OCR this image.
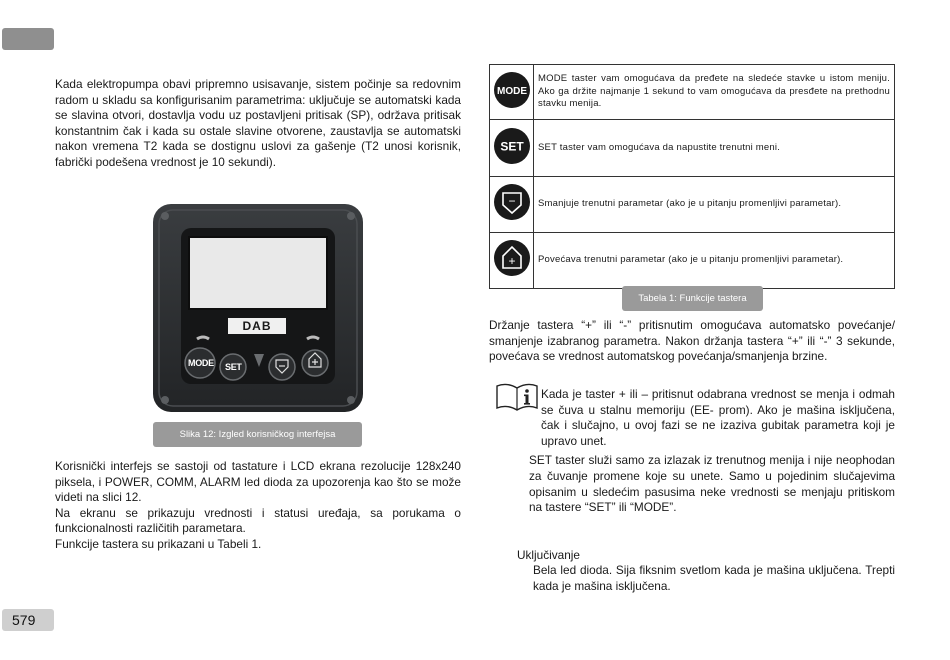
579

Kada elektropumpa obavi pripremno usisavanje, sistem počinje sa redovnim radom u skladu sa konfigurisanim parametrima: uključuje se automatski kada se slavina otvori, dostavlja vodu uz postavljeni pritisak (SP), održava pritisak konstantnim čak i kada su ostale slavine otvorene, zaustavlja se automatski nakon vremena T2 kada se dostignu uslovi za gašenje (T2 unosi korisnik, fabrički podešena vrednost je 10 sekundi).

DAB
MODE SET
Slika 12: Izgled korisničkog interfejsa
Korisnički interfejs se sastoji od tastature i LCD ekrana rezolucije 128x240 piksela, i POWER, COMM, ALARM led dioda za upozorenja kao što se može videti na slici 12.
Na ekranu se prikazuju vrednosti i statusi uređaja, sa porukama o funkcionalnosti različitih parametara.
Funkcije tastera su prikazani u Tabeli 1.
MODE	MODE taster vam omogućava da pređete na sledeće stavke u istom meniju. Ako ga držite najmanje 1 sekund to vam omogućava da presđete na prethodnu stavku menija.

SET	SET taster vam omogućava da napustite trenutni meni.

−	Smanjuje trenutni parametar (ako je u pitanju promenljivi parametar).

+	Povećava trenutni parametar (ako je u pitanju promenljivi parametar).
Tabela 1: Funkcije tastera

Držanje tastera “+” ili “-” pritisnutim omogućava automatsko povećanje/ smanjenje izabranog parametra. Nakon držanja tastera “+” ili “-” 3 sekunde, povećava se vrednost automatskog povećanja/smanjenja brzine.

Kada je taster + ili – pritisnut odabrana vrednost se menja i odmah se čuva u stalnu memoriju (EE- prom). Ako je mašina isključena, čak i slučajno, u ovoj fazi se ne izaziva gubitak parametra koji je upravo unet.

SET taster služi samo za izlazak iz trenutnog menija i nije neophodan za čuvanje promene koje su unete. Samo u pojedinim slučajevima opisanim u sledećim pasusima neke vrednosti se menjaju pritiskom na tastere “SET” ili “MODE”.

Uključivanje
Bela led dioda. Sija fiksnim svetlom kada je mašina uključena. Trepti kada je mašina isključena.
